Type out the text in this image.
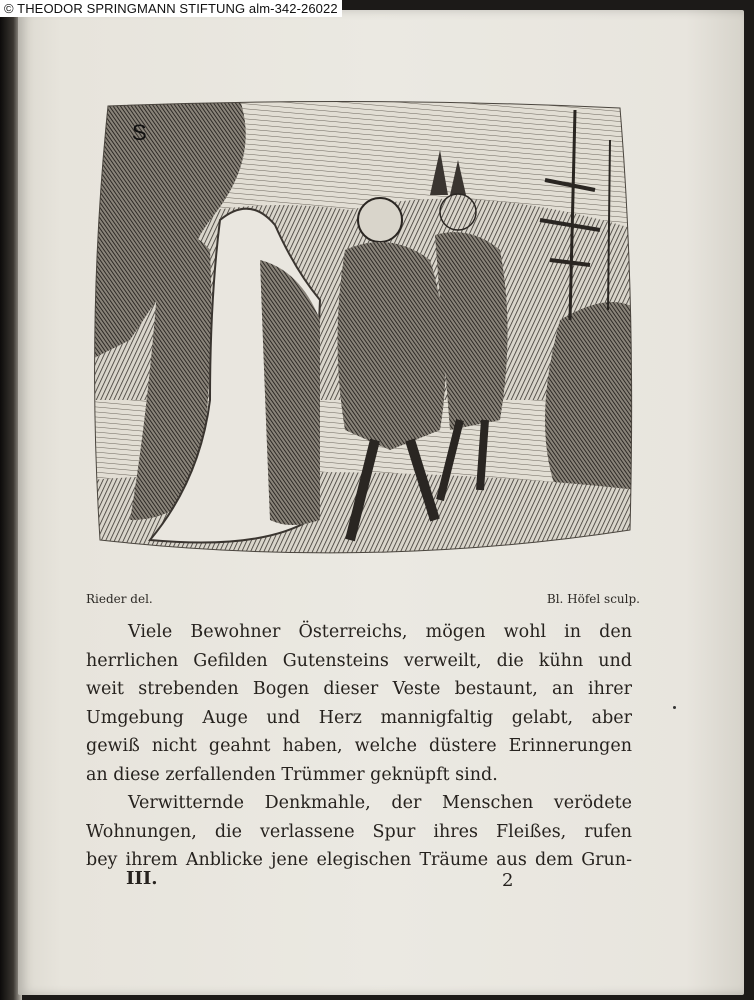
© THEODOR SPRINGMANN STIFTUNG alm-342-26022
S
Rieder del.	Bl. Höfel sculp.
Viele Bewohner Österreichs, mögen wohl in den
herrlichen Gefilden Gutensteins verweilt, die kühn und
weit strebenden Bogen dieser Veste bestaunt, an ihrer
Umgebung Auge und Herz mannigfaltig gelabt, aber
gewiß nicht geahnt haben, welche düstere Erinnerungen
an diese zerfallenden Trümmer geknüpft sind.
Verwitternde Denkmahle, der Menschen verödete
Wohnungen, die verlassene Spur ihres Fleißes, rufen
bey ihrem Anblicke jene elegischen Träume aus dem Grun-
III.	2
